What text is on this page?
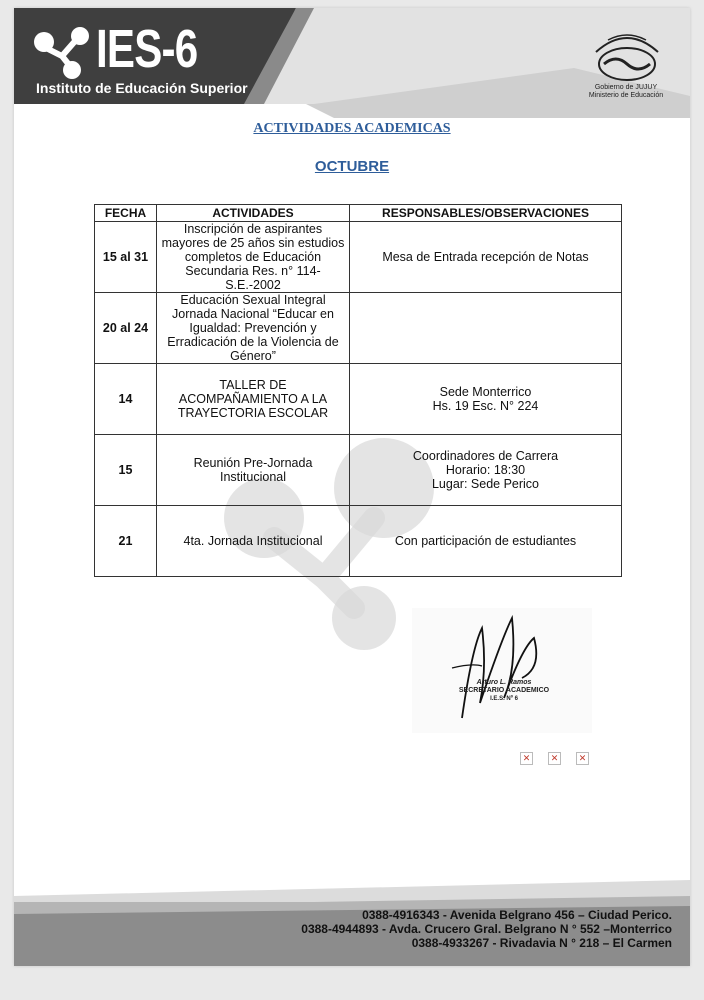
IES-6
Instituto de Educación Superior	Gobierno de JUJUY
Ministerio de Educación
ACTIVIDADES ACADEMICAS
OCTUBRE
FECHA	ACTIVIDADES	RESPONSABLES/OBSERVACIONES
15 al 31	Inscripción de aspirantes mayores de 25 años sin estudios completos de Educación Secundaria Res. n° 114-S.E.-2002	Mesa de Entrada recepción de Notas
20 al 24	Educación Sexual Integral Jornada Nacional “Educar en Igualdad: Prevención y Erradicación de la Violencia de Género”	
14	TALLER DE ACOMPAÑAMIENTO A LA TRAYECTORIA ESCOLAR	Sede Monterrico
Hs. 19 Esc. N° 224

15	Reunión Pre-Jornada Institucional	Coordinadores de Carrera
Horario: 18:30
Lugar: Sede Perico

21	4ta. Jornada Institucional	Con participación de estudiantes
Arturo L. Ramos
SECRETARIO ACADEMICO
I.E.S. Nº 6
✕ ✕ ✕
0388-4916343 - Avenida Belgrano 456 – Ciudad Perico.
0388-4944893 - Avda. Crucero Gral. Belgrano N ° 552 –Monterrico
0388-4933267 - Rivadavia N ° 218 – El Carmen
